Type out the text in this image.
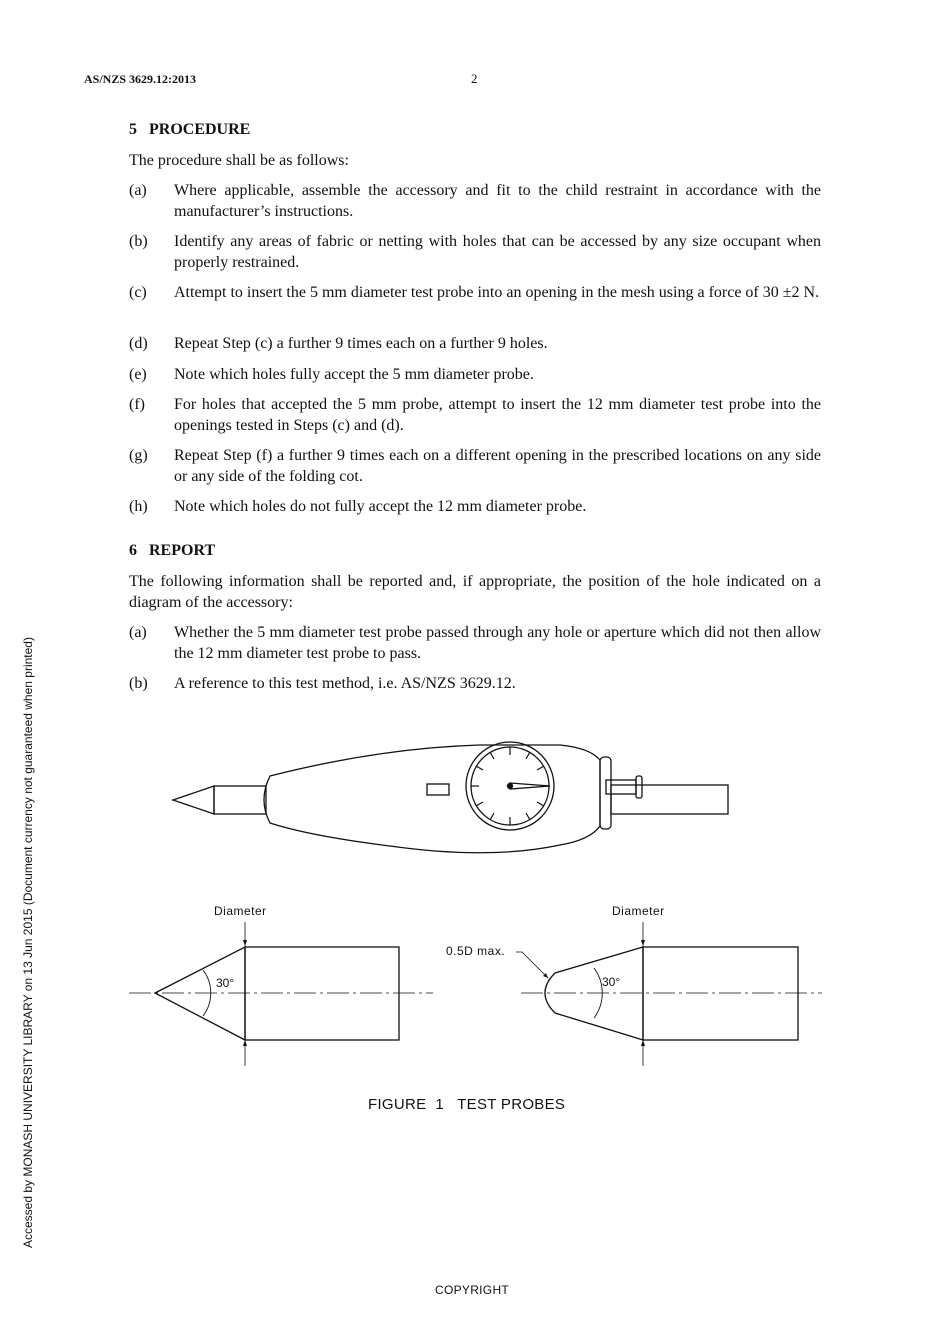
AS/NZS 3629.12:2013	2
5 PROCEDURE
The procedure shall be as follows:
(a)	Where applicable, assemble the accessory and fit to the child restraint in accordance with the manufacturer’s instructions.
(b)	Identify any areas of fabric or netting with holes that can be accessed by any size occupant when properly restrained.
(c)	Attempt to insert the 5 mm diameter test probe into an opening in the mesh using a force of 30 ±2 N.
(d)	Repeat Step (c) a further 9 times each on a further 9 holes.
(e)	Note which holes fully accept the 5 mm diameter probe.
(f)	For holes that accepted the 5 mm probe, attempt to insert the 12 mm diameter test probe into the openings tested in Steps (c) and (d).
(g)	Repeat Step (f) a further 9 times each on a different opening in the prescribed locations on any side or any side of the folding cot.
(h)	Note which holes do not fully accept the 12 mm diameter probe.
6 REPORT
The following information shall be reported and, if appropriate, the position of the hole indicated on a diagram of the accessory:
(a)	Whether the 5 mm diameter test probe passed through any hole or aperture which did not then allow the 12 mm diameter test probe to pass.
(b)	A reference to this test method, i.e. AS/NZS 3629.12.
Diameter
30°
Diameter
0.5D max.
30°
FIGURE  1   TEST PROBES
Accessed by MONASH UNIVERSITY LIBRARY on 13 Jun 2015 (Document currency not guaranteed when printed)
COPYRIGHT
